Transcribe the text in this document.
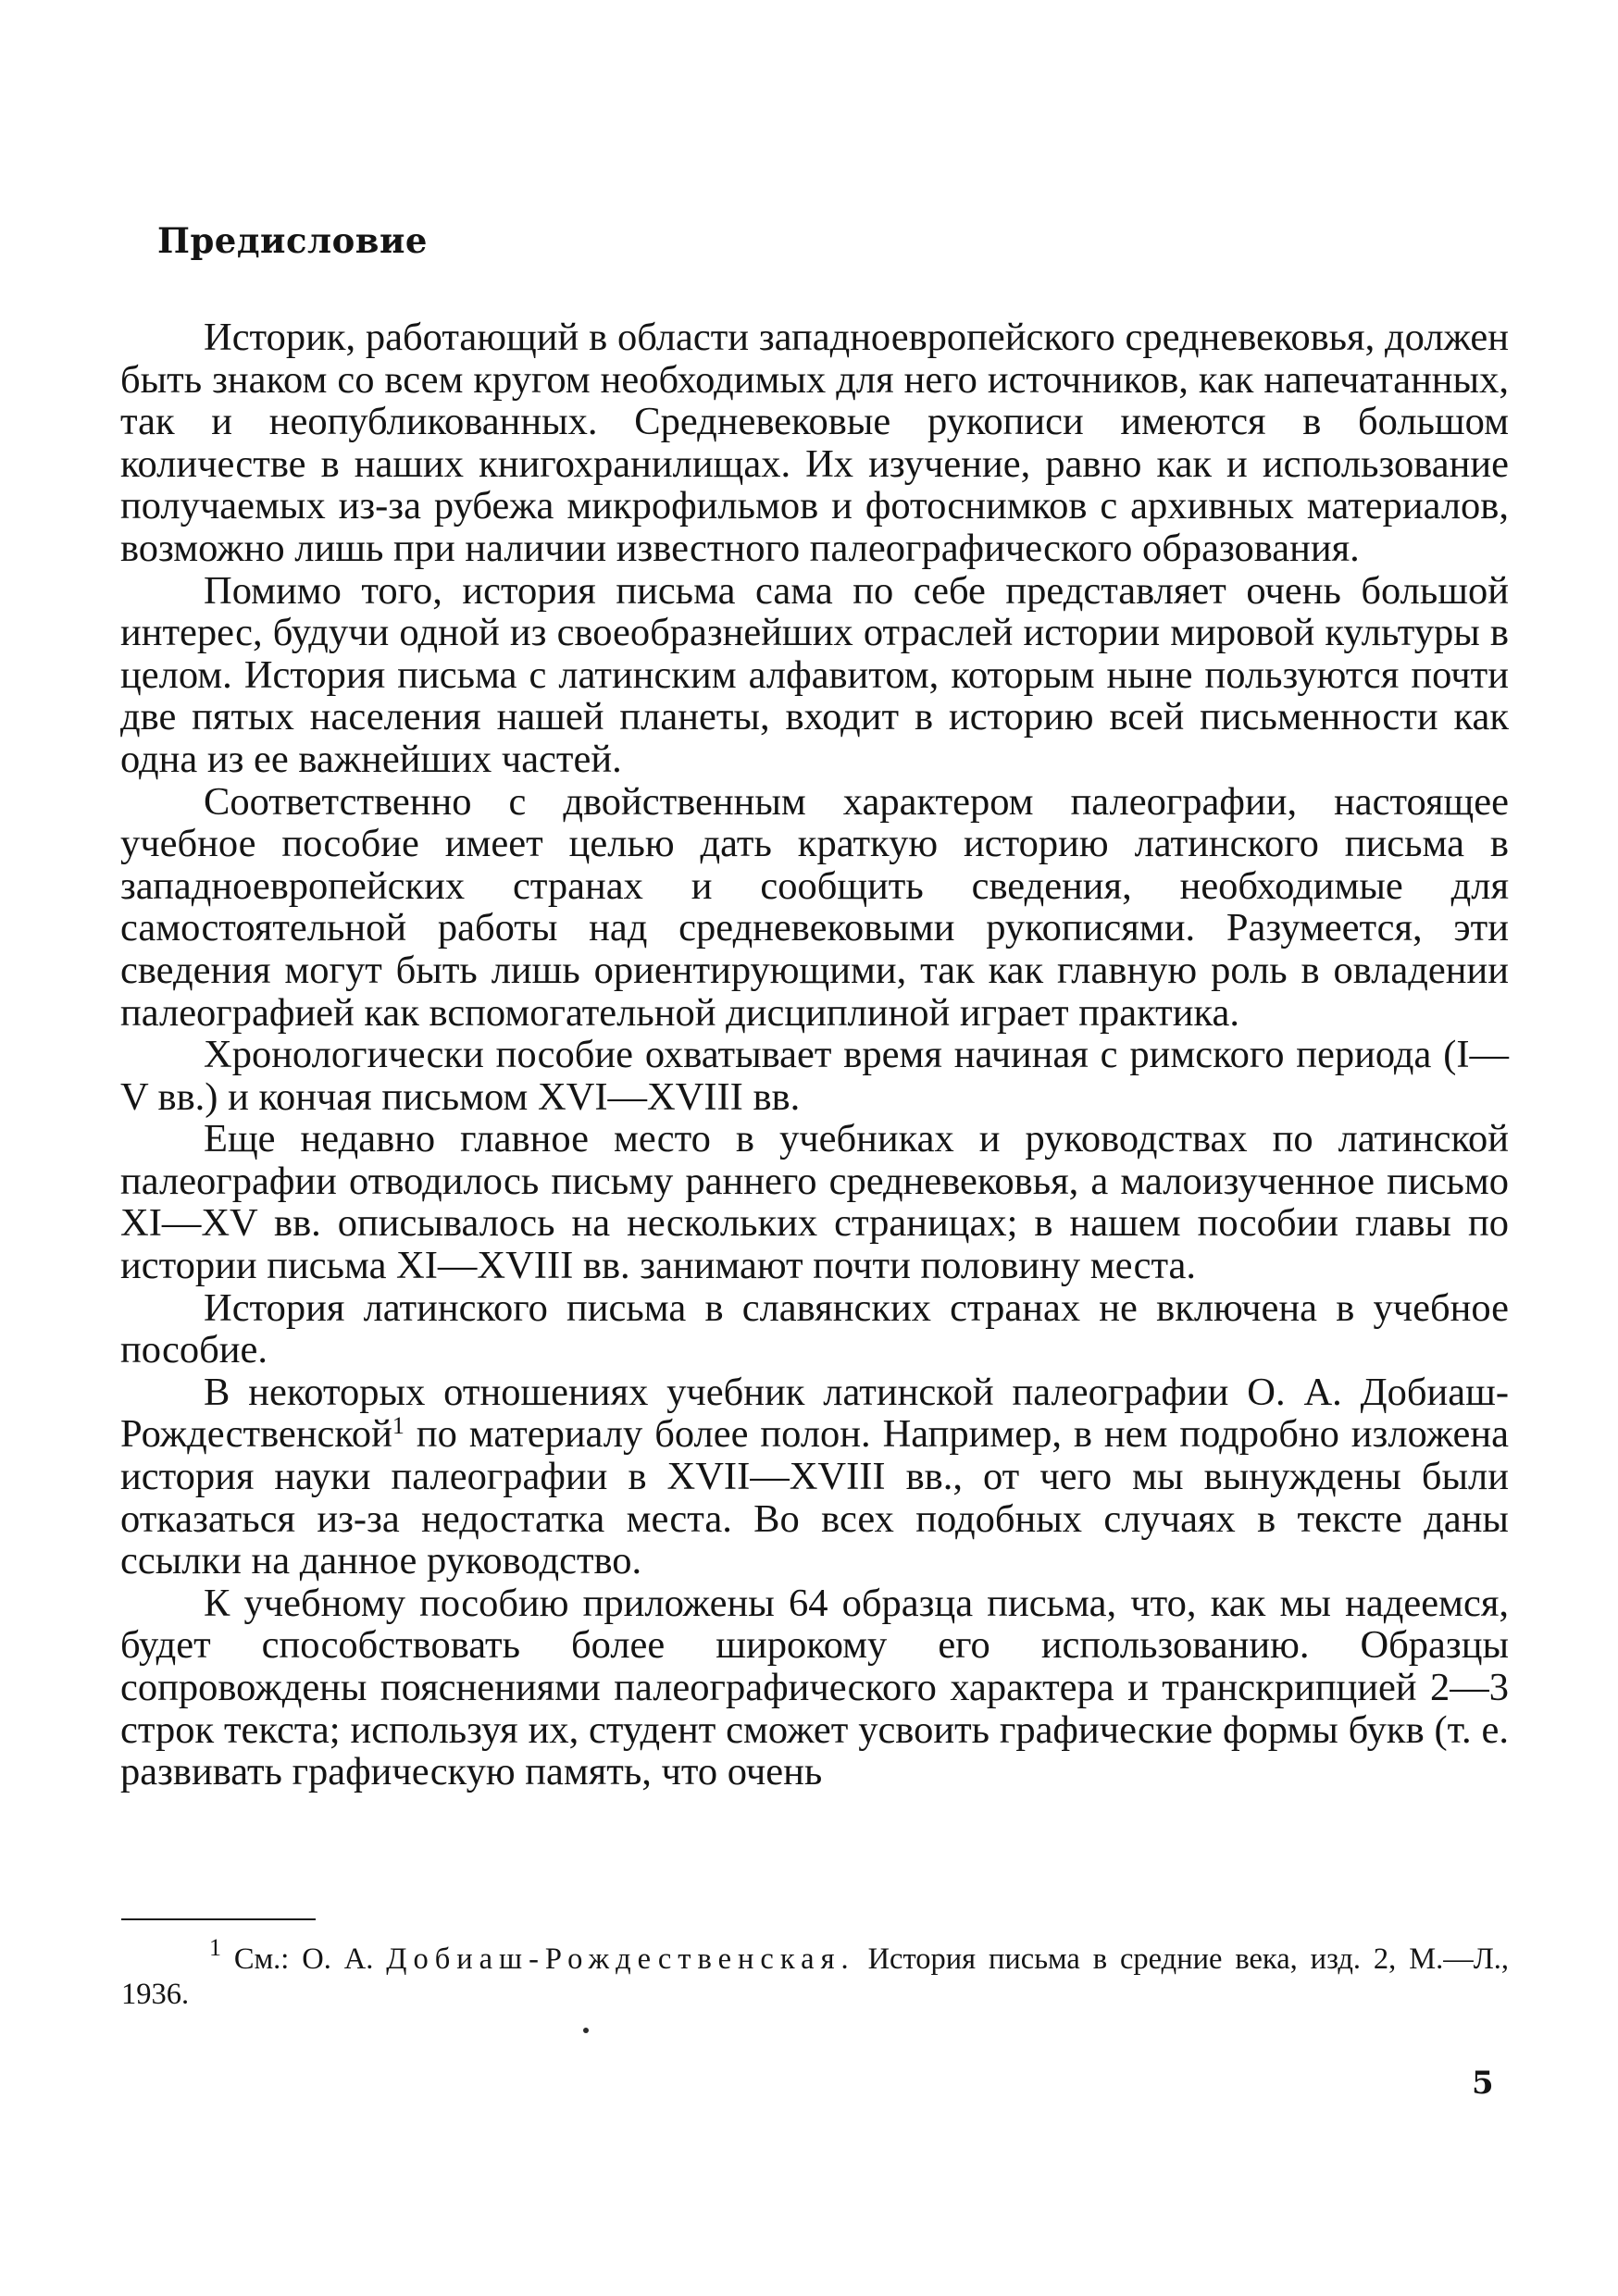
Предисловие

Историк, работающий в области западноевропейского средневековья, должен быть знаком со всем кругом необходимых для него источников, как напечатанных, так и неопубликованных. Средневековые рукописи имеются в большом количестве в наших книгохранилищах. Их изучение, равно как и использование получаемых из-за рубежа микрофильмов и фотоснимков с архивных материалов, возможно лишь при наличии известного палеографического образования.

Помимо того, история письма сама по себе представляет очень большой интерес, будучи одной из своеобразнейших отраслей истории мировой культуры в целом. История письма с латинским алфавитом, которым ныне пользуются почти две пятых населения нашей планеты, входит в историю всей письменности как одна из ее важнейших частей.

Соответственно с двойственным характером палеографии, настоящее учебное пособие имеет целью дать краткую историю латинского письма в западноевропейских странах и сообщить сведения, необходимые для самостоятельной работы над средневековыми рукописями. Разумеется, эти сведения могут быть лишь ориентирующими, так как главную роль в овладении палеографией как вспомогательной дисциплиной играет практика.

Хронологически пособие охватывает время начиная с римского периода (I—V вв.) и кончая письмом XVI—XVIII вв.

Еще недавно главное место в учебниках и руководствах по латинской палеографии отводилось письму раннего средневековья, а малоизученное письмо XI—XV вв. описывалось на нескольких страницах; в нашем пособии главы по истории письма XI—XVIII вв. занимают почти половину места.

История латинского письма в славянских странах не включена в учебное пособие.

В некоторых отношениях учебник латинской палеографии О. А. Добиаш-Рождественской$^1$ по материалу более полон. Например, в нем подробно изложена история науки палеографии в XVII—XVIII вв., от чего мы вынуждены были отказаться из-за недостатка места. Во всех подобных случаях в тексте даны ссылки на данное руководство.

К учебному пособию приложены 64 образца письма, что, как мы надеемся, будет способствовать более широкому его использованию. Образцы сопровождены пояснениями палеографического характера и транскрипцией 2—3 строк текста; используя их, студент сможет усвоить графические формы букв (т. е. развивать графическую память, что очень

$^1$ См.: О. А. Добиаш-Рождественская. История письма в средние века, изд. 2, М.—Л., 1936.

5
